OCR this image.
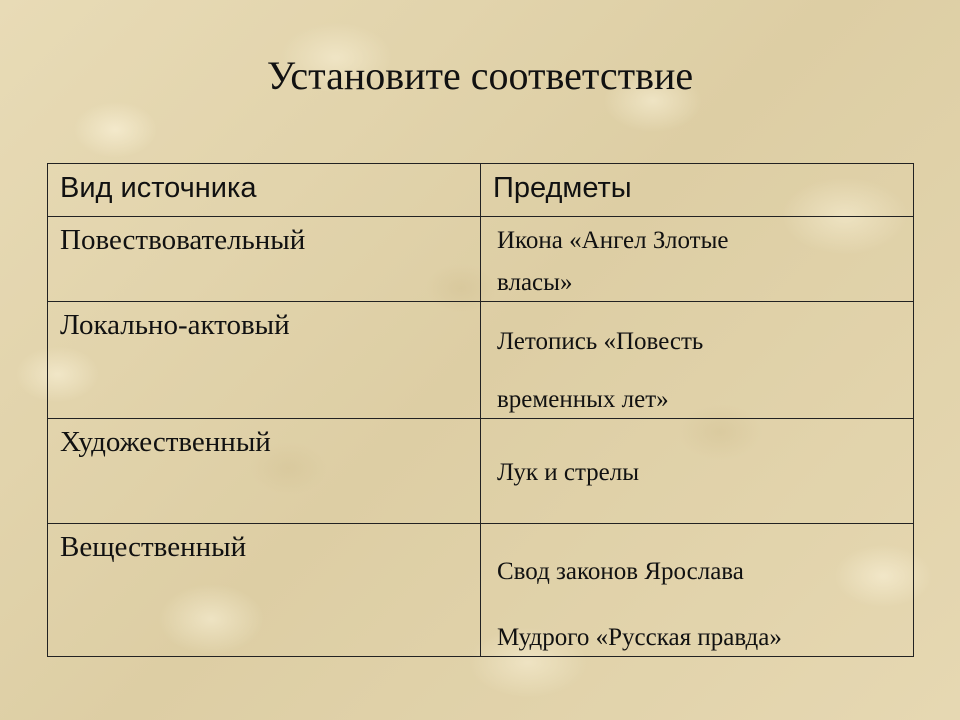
Установите соответствие
Вид источника	Предметы

Повествовательный	Икона «Ангел Злотые
власы»

Локально-актовый	Летопись «Повесть
временных лет»

Художественный	Лук и стрелы

Вещественный	Свод законов Ярослава
Мудрого «Русская правда»
